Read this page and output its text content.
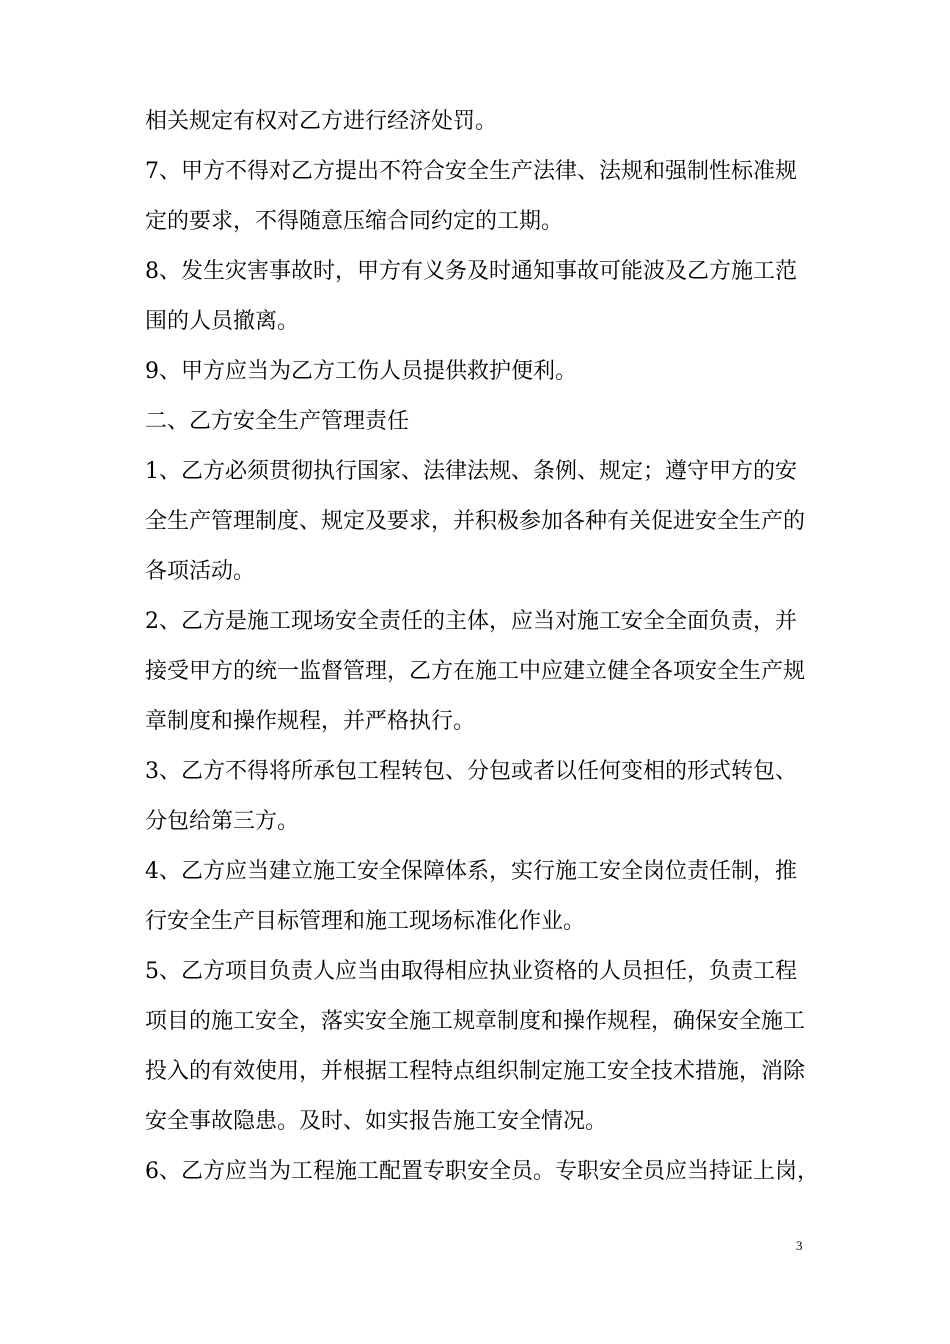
相关规定有权对乙方进行经济处罚。
7、甲方不得对乙方提出不符合安全生产法律、法规和强制性标准规
定的要求，不得随意压缩合同约定的工期。
8、发生灾害事故时，甲方有义务及时通知事故可能波及乙方施工范
围的人员撤离。
9、甲方应当为乙方工伤人员提供救护便利。
二、乙方安全生产管理责任
1、乙方必须贯彻执行国家、法律法规、条例、规定；遵守甲方的安
全生产管理制度、规定及要求，并积极参加各种有关促进安全生产的
各项活动。
2、乙方是施工现场安全责任的主体，应当对施工安全全面负责，并
接受甲方的统一监督管理，乙方在施工中应建立健全各项安全生产规
章制度和操作规程，并严格执行。
3、乙方不得将所承包工程转包、分包或者以任何变相的形式转包、
分包给第三方。
4、乙方应当建立施工安全保障体系，实行施工安全岗位责任制，推
行安全生产目标管理和施工现场标准化作业。
5、乙方项目负责人应当由取得相应执业资格的人员担任，负责工程
项目的施工安全，落实安全施工规章制度和操作规程，确保安全施工
投入的有效使用，并根据工程特点组织制定施工安全技术措施，消除
安全事故隐患。及时、如实报告施工安全情况。
6、乙方应当为工程施工配置专职安全员。专职安全员应当持证上岗，
3
